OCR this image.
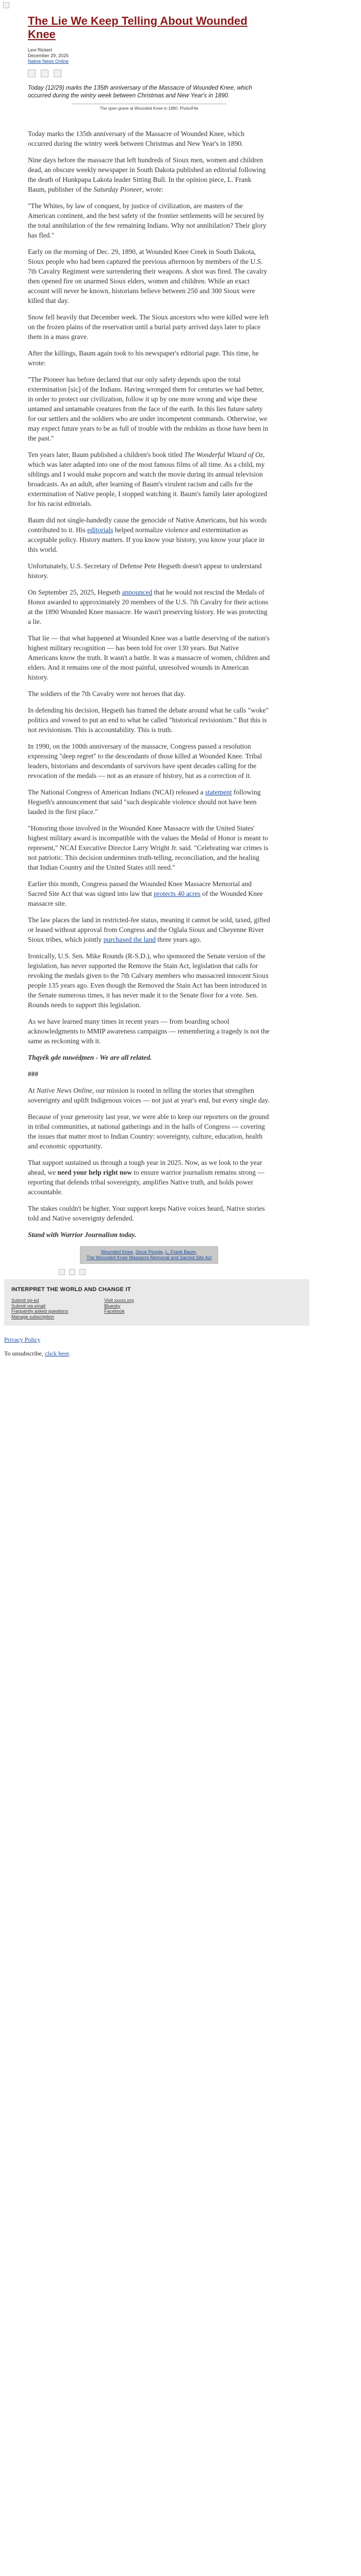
The Lie We Keep Telling About Wounded Knee
Levi Rickert
December 29, 2025
Native News Online

Today (12/29) marks the 135th anniversary of the Massacre of Wounded Knee, which occurred during the wintry week between Christmas and New Year's in 1890.

The open grave at Wounded Knee in 1890. Photo/File

Today marks the 135th anniversary of the Massacre of Wounded Knee, which occurred during the wintry week between Christmas and New Year's in 1890.

Nine days before the massacre that left hundreds of Sioux men, women and children dead, an obscure weekly newspaper in South Dakota published an editorial following the death of Hunkpapa Lakota leader Sitting Bull. In the opinion piece, L. Frank Baum, publisher of the Saturday Pioneer, wrote:

"The Whites, by law of conquest, by justice of civilization, are masters of the American continent, and the best safety of the frontier settlements will be secured by the total annihilation of the few remaining Indians. Why not annihilation? Their glory has fled."

Early on the morning of Dec. 29, 1890, at Wounded Knee Creek in South Dakota, Sioux people who had been captured the previous afternoon by members of the U.S. 7th Cavalry Regiment were surrendering their weapons. A shot was fired. The cavalry then opened fire on unarmed Sioux elders, women and children. While an exact account will never be known, historians believe between 250 and 300 Sioux were killed that day.

Snow fell heavily that December week. The Sioux ancestors who were killed were left on the frozen plains of the reservation until a burial party arrived days later to place them in a mass grave.

After the killings, Baum again took to his newspaper's editorial page. This time, he wrote:

"The Pioneer has before declared that our only safety depends upon the total extermination [sic] of the Indians. Having wronged them for centuries we had better, in order to protect our civilization, follow it up by one more wrong and wipe these untamed and untamable creatures from the face of the earth. In this lies future safety for our settlers and the soldiers who are under incompetent commands. Otherwise, we may expect future years to be as full of trouble with the redskins as those have been in the past."

Ten years later, Baum published a children's book titled The Wonderful Wizard of Oz, which was later adapted into one of the most famous films of all time. As a child, my siblings and I would make popcorn and watch the movie during its annual television broadcasts. As an adult, after learning of Baum's virulent racism and calls for the extermination of Native people, I stopped watching it. Baum's family later apologized for his racist editorials.

Baum did not single-handedly cause the genocide of Native Americans, but his words contributed to it. His editorials helped normalize violence and extermination as acceptable policy. History matters. If you know your history, you know your place in this world.

Unfortunately, U.S. Secretary of Defense Pete Hegseth doesn't appear to understand history.

On September 25, 2025, Hegseth announced that he would not rescind the Medals of Honor awarded to approximately 20 members of the U.S. 7th Cavalry for their actions at the 1890 Wounded Knee massacre. He wasn't preserving history. He was protecting a lie.

That lie — that what happened at Wounded Knee was a battle deserving of the nation's highest military recognition — has been told for over 130 years. But Native Americans know the truth. It wasn't a battle. It was a massacre of women, children and elders. And it remains one of the most painful, unresolved wounds in American history.

The soldiers of the 7th Cavalry were not heroes that day.

In defending his decision, Hegseth has framed the debate around what he calls "woke" politics and vowed to put an end to what he called "historical revisionism." But this is not revisionism. This is accountability. This is truth.

In 1990, on the 100th anniversary of the massacre, Congress passed a resolution expressing "deep regret" to the descendants of those killed at Wounded Knee. Tribal leaders, historians and descendants of survivors have spent decades calling for the revocation of the medals — not as an erasure of history, but as a correction of it.

The National Congress of American Indians (NCAI) released a statement following Hegseth's announcement that said "such despicable violence should not have been lauded in the first place."

"Honoring those involved in the Wounded Knee Massacre with the United States' highest military award is incompatible with the values the Medal of Honor is meant to represent," NCAI Executive Director Larry Wright Jr. said. "Celebrating war crimes is not patriotic. This decision undermines truth-telling, reconciliation, and the healing that Indian Country and the United States still need."

Earlier this month, Congress passed the Wounded Knee Massacre Memorial and Sacred Site Act that was signed into law that protects 40 acres of the Wounded Knee massacre site.

The law places the land in restricted-fee status, meaning it cannot be sold, taxed, gifted or leased without approval from Congress and the Oglala Sioux and Cheyenne River Sioux tribes, which jointly purchased the land three years ago.

Ironically, U.S. Sen. Mike Rounds (R-S.D.), who sponsored the Senate version of the legislation, has never supported the Remove the Stain Act, legislation that calls for revoking the medals given to the 7th Calvary members who massacred innocent Sioux people 135 years ago. Even though the Removed the Stain Act has been introduced in the Senate numerous times, it has never made it to the Senate floor for a vote. Sen. Rounds needs to support this legislation.

As we have learned many times in recent years — from boarding school acknowledgments to MMIP awareness campaigns — remembering a tragedy is not the same as reckoning with it.

Thąyék gde nuwéd̨men - We are all related.

###

At Native News Online, our mission is rooted in telling the stories that strengthen sovereignty and uplift Indigenous voices — not just at year's end, but every single day.

Because of your generosity last year, we were able to keep our reporters on the ground in tribal communities, at national gatherings and in the halls of Congress — covering the issues that matter most to Indian Country: sovereignty, culture, education, health and economic opportunity.

That support sustained us through a tough year in 2025. Now, as we look to the year ahead, we need your help right now to ensure warrior journalism remains strong — reporting that defends tribal sovereignty, amplifies Native truth, and holds power accountable.

The stakes couldn't be higher. Your support keeps Native voices heard, Native stories told and Native sovereignty defended.

Stand with Warrior Journalism today.

Wounded Knee, Sioux People, L. Frank Baum,
The Wounded Knee Massacre Memorial and Sacred Site Act
INTERPRET THE WORLD AND CHANGE IT
Submit op-ed
Submit via email
Frequently asked questions
Manage subscription
Visit xxxxx.org
Bluesky
Facebook
Privacy Policy
To unsubscribe, click here.
